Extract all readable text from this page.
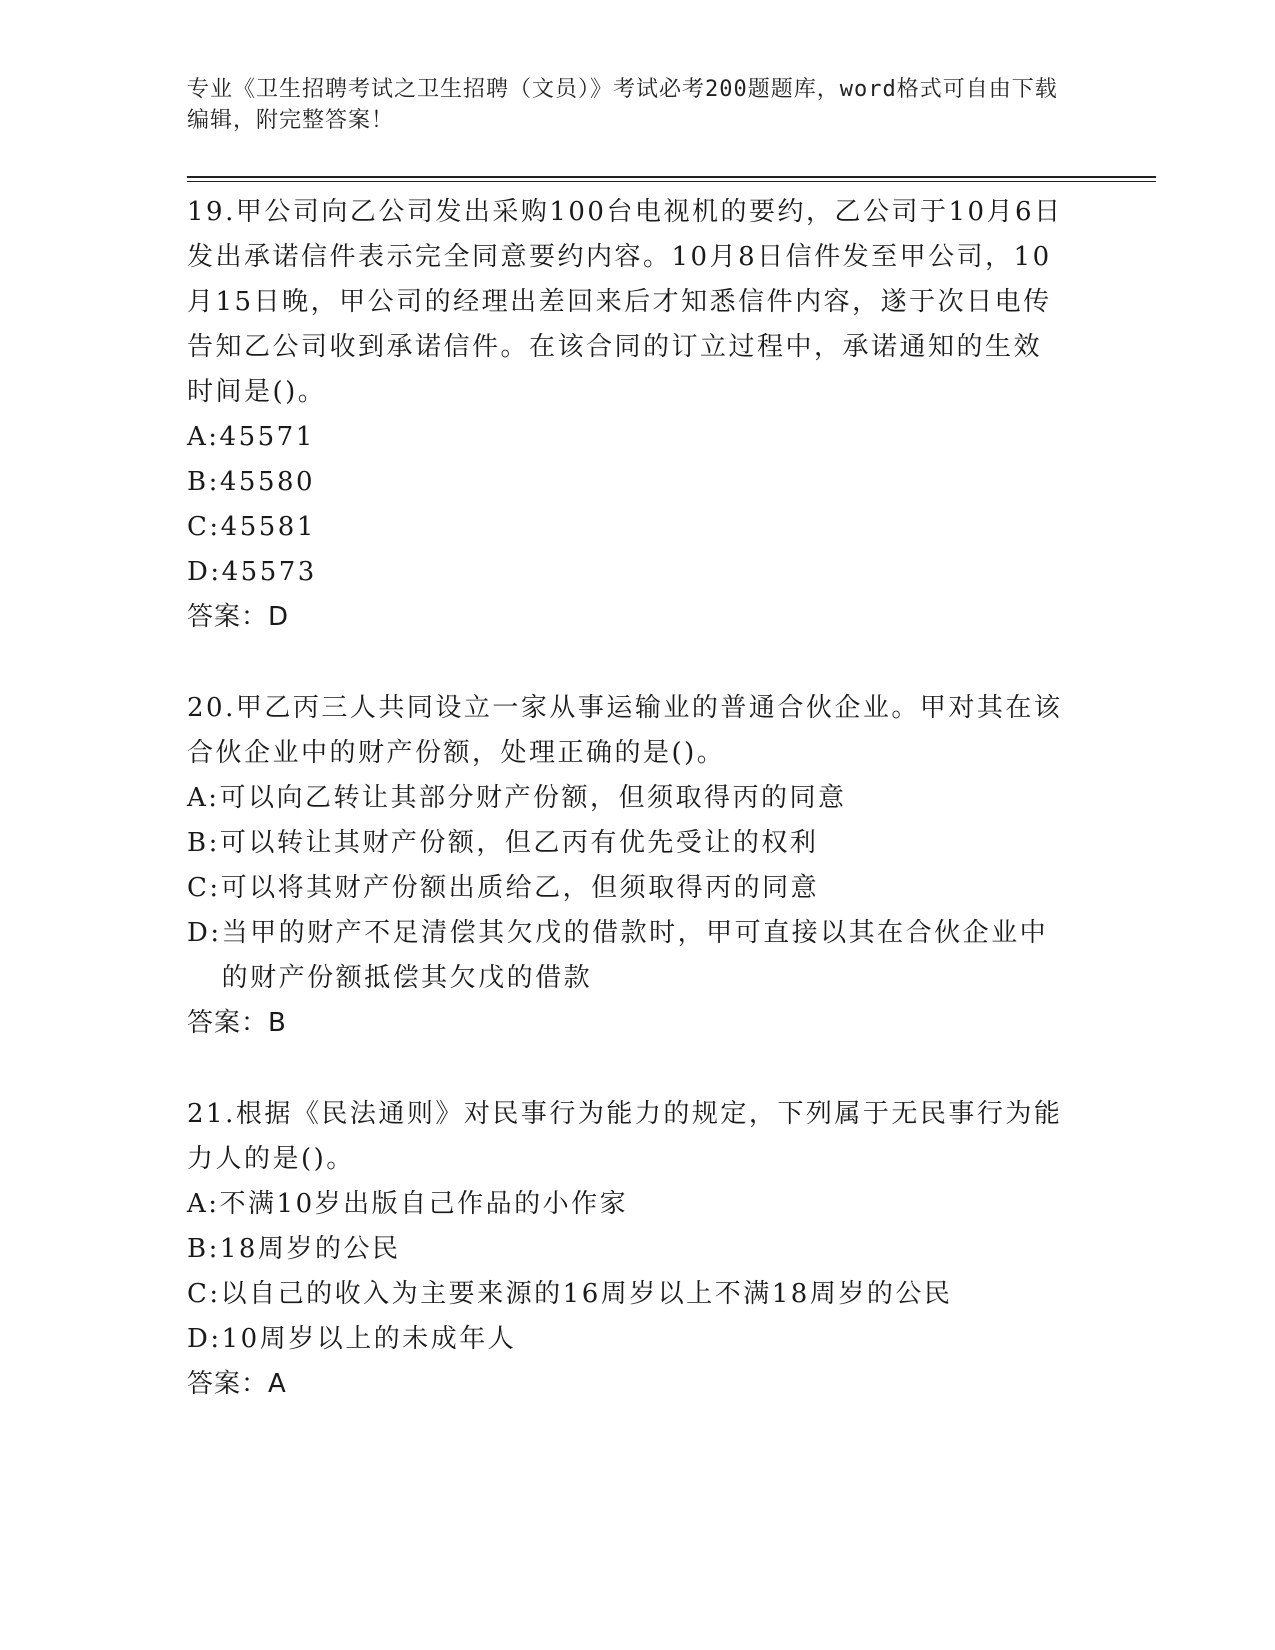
专业《卫生招聘考试之卫生招聘（文员）》考试必考200题题库，word格式可自由下载编辑，附完整答案！

19.甲公司向乙公司发出采购100台电视机的要约，乙公司于10月6日发出承诺信件表示完全同意要约内容。10月8日信件发至甲公司，10月15日晚，甲公司的经理出差回来后才知悉信件内容，遂于次日电传告知乙公司收到承诺信件。在该合同的订立过程中，承诺通知的生效时间是()。

A: 45571
B: 45580
C: 45581
D: 45573

答案：D

20.甲乙丙三人共同设立一家从事运输业的普通合伙企业。甲对其在该合伙企业中的财产份额，处理正确的是()。

A: 可以向乙转让其部分财产份额，但须取得丙的同意
B: 可以转让其财产份额，但乙丙有优先受让的权利
C: 可以将其财产份额出质给乙，但须取得丙的同意
D: 当甲的财产不足清偿其欠戊的借款时，甲可直接以其在合伙企业中的财产份额抵偿其欠戊的借款

答案：B

21.根据《民法通则》对民事行为能力的规定，下列属于无民事行为能力人的是()。

A: 不满10岁出版自己作品的小作家
B: 18周岁的公民
C: 以自己的收入为主要来源的16周岁以上不满18周岁的公民
D: 10周岁以上的未成年人

答案：A
